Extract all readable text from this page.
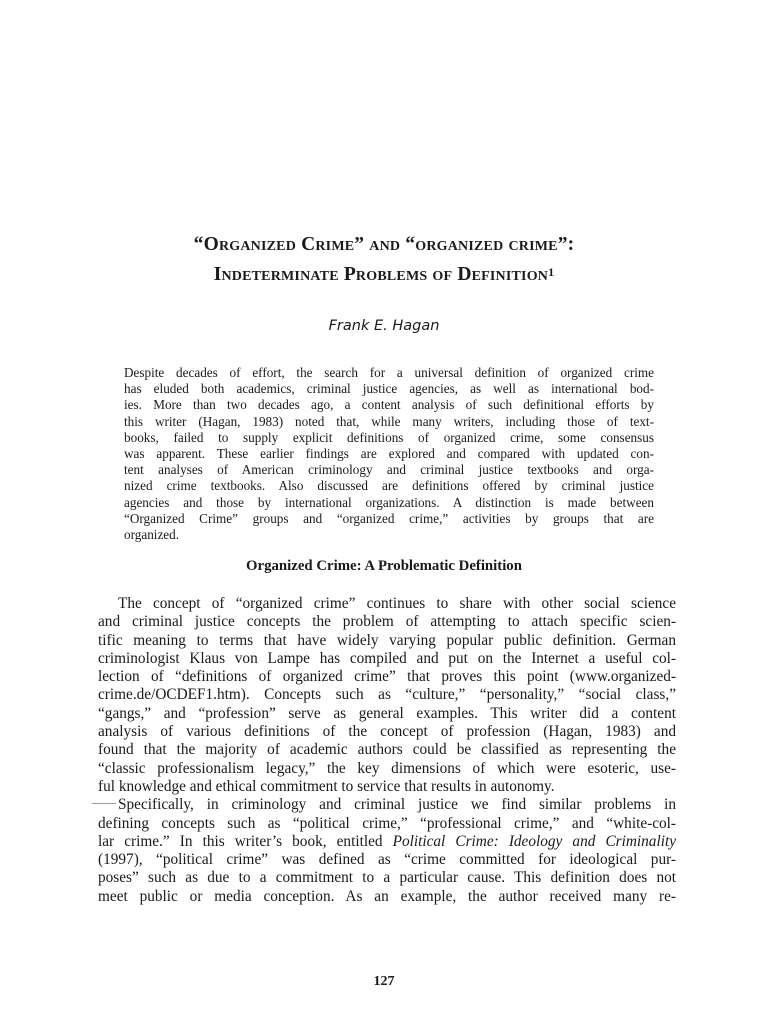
“Organized Crime” and “organized crime”:
Indeterminate Problems of Definition$^1$
Frank E. Hagan
Despite decades of effort, the search for a universal definition of organized crime
has eluded both academics, criminal justice agencies, as well as international bod-
ies. More than two decades ago, a content analysis of such definitional efforts by
this writer (Hagan, 1983) noted that, while many writers, including those of text-
books, failed to supply explicit definitions of organized crime, some consensus
was apparent. These earlier findings are explored and compared with updated con-
tent analyses of American criminology and criminal justice textbooks and orga-
nized crime textbooks. Also discussed are definitions offered by criminal justice
agencies and those by international organizations. A distinction is made between
“Organized Crime” groups and “organized crime,” activities by groups that are
organized.
Organized Crime: A Problematic Definition
The concept of “organized crime” continues to share with other social science
and criminal justice concepts the problem of attempting to attach specific scien-
tific meaning to terms that have widely varying popular public definition. German
criminologist Klaus von Lampe has compiled and put on the Internet a useful col-
lection of “definitions of organized crime” that proves this point (www.organized-
crime.de/OCDEF1.htm). Concepts such as “culture,” “personality,” “social class,”
“gangs,” and “profession” serve as general examples. This writer did a content
analysis of various definitions of the concept of profession (Hagan, 1983) and
found that the majority of academic authors could be classified as representing the
“classic professionalism legacy,” the key dimensions of which were esoteric, use-
ful knowledge and ethical commitment to service that results in autonomy.
Specifically, in criminology and criminal justice we find similar problems in
defining concepts such as “political crime,” “professional crime,” and “white-col-
lar crime.” In this writer’s book, entitled Political Crime: Ideology and Criminality
(1997), “political crime” was defined as “crime committed for ideological pur-
poses” such as due to a commitment to a particular cause. This definition does not
meet public or media conception. As an example, the author received many re-
127
